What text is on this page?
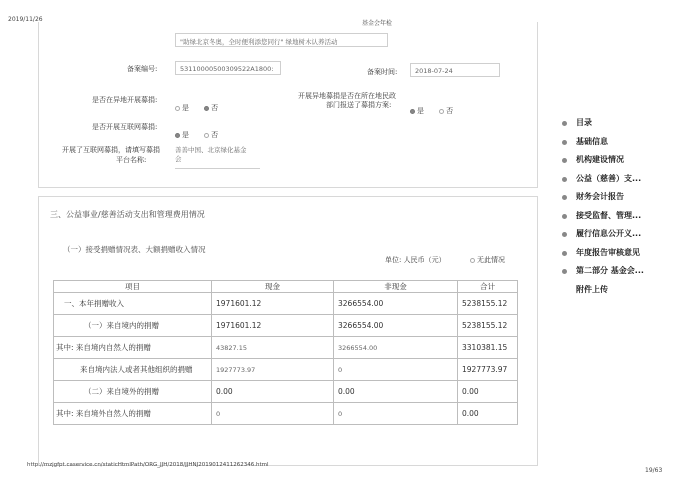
2019/11/26
基金会年检
"助绿北京冬奥，全时便利添您同行" 绿地树木认养活动
备案编号:	53110000500309522A1800:	备案时间:	2018-07-24
是否在异地开展募捐:
是	否
开展异地募捐是否在所在地民政
部门报送了募捐方案:
是	否
是否开展互联网募捐:
是	否
开展了互联网募捐，请填写募捐
平台名称:
善善中国、北京绿化基金
会
三、公益事业/慈善活动支出和管理费用情况
（一）接受捐赠情况表、大额捐赠收入情况
单位: 人民币（元）	无此情况
项目	现金	非现金	合计
一、本年捐赠收入	1971601.12	3266554.00	5238155.12
（一）来自境内的捐赠	1971601.12	3266554.00	5238155.12
其中: 来自境内自然人的捐赠	43827.15	3266554.00	3310381.15
来自境内法人或者其他组织的捐赠	1927773.97	0	1927773.97
（二）来自境外的捐赠	0.00	0.00	0.00
其中: 来自境外自然人的捐赠	0	0	0.00
目录
基础信息
机构建设情况
公益（慈善）支...
财务会计报告
接受监督、管理...
履行信息公开义...
年度报告审核意见
第二部分 基金会...
附件上传
http://mzjgfpt.caservice.cn/staticHtmlPath/ORG_JJH/2018/JJHNJ2019012411262346.html
19/63
